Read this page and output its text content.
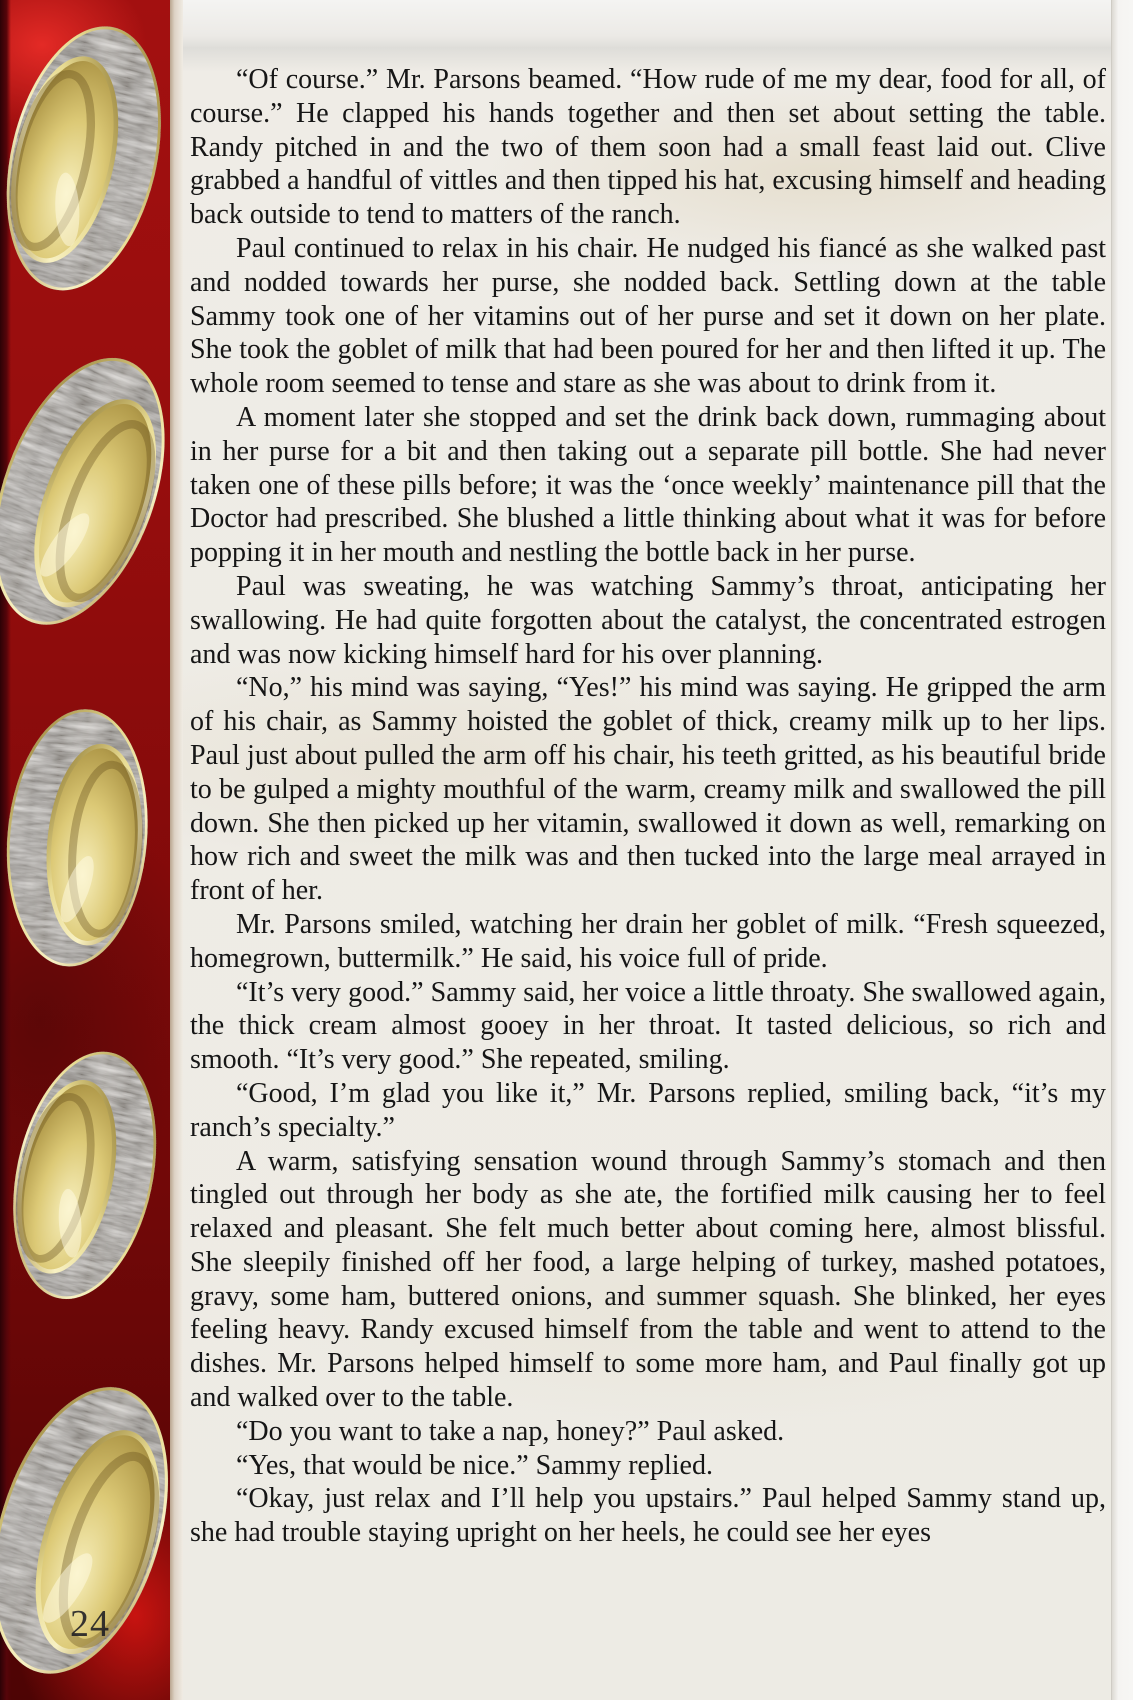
24

“Of course.” Mr. Parsons beamed. “How rude of me my dear, food for all, of course.” He clapped his hands together and then set about setting the table. Randy pitched in and the two of them soon had a small feast laid out. Clive grabbed a handful of vittles and then tipped his hat, excusing himself and heading back outside to tend to matters of the ranch.

Paul continued to relax in his chair. He nudged his fiancé as she walked past and nodded towards her purse, she nodded back. Settling down at the table Sammy took one of her vitamins out of her purse and set it down on her plate. She took the goblet of milk that had been poured for her and then lifted it up. The whole room seemed to tense and stare as she was about to drink from it.

A moment later she stopped and set the drink back down, rummaging about in her purse for a bit and then taking out a separate pill bottle. She had never taken one of these pills before; it was the ‘once weekly’ maintenance pill that the Doctor had prescribed. She blushed a little thinking about what it was for before popping it in her mouth and nestling the bottle back in her purse.

Paul was sweating, he was watching Sammy’s throat, anticipating her swallowing. He had quite forgotten about the catalyst, the concentrated estrogen and was now kicking himself hard for his over planning.

“No,” his mind was saying, “Yes!” his mind was saying. He gripped the arm of his chair, as Sammy hoisted the goblet of thick, creamy milk up to her lips. Paul just about pulled the arm off his chair, his teeth gritted, as his beautiful bride to be gulped a mighty mouthful of the warm, creamy milk and swallowed the pill down. She then picked up her vitamin, swallowed it down as well, remarking on how rich and sweet the milk was and then tucked into the large meal arrayed in front of her.

Mr. Parsons smiled, watching her drain her goblet of milk. “Fresh squeezed, homegrown, buttermilk.” He said, his voice full of pride.

“It’s very good.” Sammy said, her voice a little throaty. She swallowed again, the thick cream almost gooey in her throat. It tasted delicious, so rich and smooth. “It’s very good.” She repeated, smiling.

“Good, I’m glad you like it,” Mr. Parsons replied, smiling back, “it’s my ranch’s specialty.”

A warm, satisfying sensation wound through Sammy’s stomach and then tingled out through her body as she ate, the fortified milk causing her to feel relaxed and pleasant. She felt much better about coming here, almost blissful. She sleepily finished off her food, a large helping of turkey, mashed potatoes, gravy, some ham, buttered onions, and summer squash. She blinked, her eyes feeling heavy. Randy excused himself from the table and went to attend to the dishes. Mr. Parsons helped himself to some more ham, and Paul finally got up and walked over to the table.

“Do you want to take a nap, honey?” Paul asked.

“Yes, that would be nice.” Sammy replied.

“Okay, just relax and I’ll help you upstairs.” Paul helped Sammy stand up, she had trouble staying upright on her heels, he could see her eyes
